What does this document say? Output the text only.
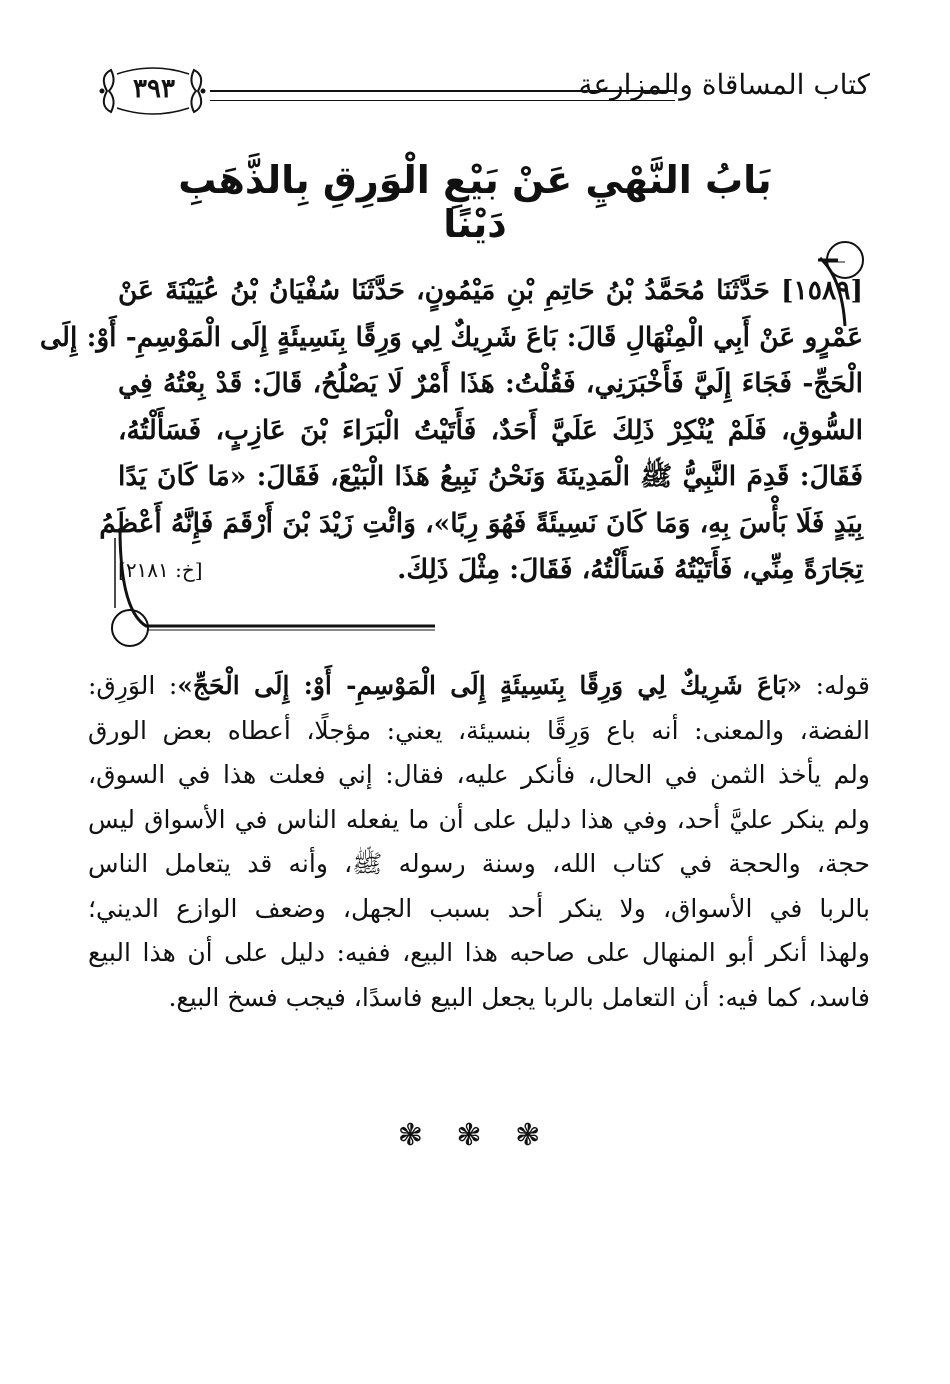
كتاب المساقاة والمزارعة
٣٩٣
بَابُ النَّهْيِ عَنْ بَيْعِ الْوَرِقِ بِالذَّهَبِ دَيْنًا
[١٥٨٩] حَدَّثَنَا مُحَمَّدُ بْنُ حَاتِمِ بْنِ مَيْمُونٍ، حَدَّثَنَا سُفْيَانُ بْنُ عُيَيْنَةَ عَنْ
عَمْرٍو عَنْ أَبِي الْمِنْهَالِ قَالَ: بَاعَ شَرِيكٌ لِي وَرِقًا بِنَسِيئَةٍ إِلَى الْمَوْسِمِ- أَوْ: إِلَى
الْحَجِّ- فَجَاءَ إِلَيَّ فَأَخْبَرَنِي، فَقُلْتُ: هَذَا أَمْرٌ لَا يَصْلُحُ، قَالَ: قَدْ بِعْتُهُ فِي
السُّوقِ، فَلَمْ يُنْكِرْ ذَلِكَ عَلَيَّ أَحَدٌ، فَأَتَيْتُ الْبَرَاءَ بْنَ عَازِبٍ، فَسَأَلْتُهُ،
فَقَالَ: قَدِمَ النَّبِيُّ ﷺ الْمَدِينَةَ وَنَحْنُ نَبِيعُ هَذَا الْبَيْعَ، فَقَالَ: «مَا كَانَ يَدًا
بِيَدٍ فَلَا بَأْسَ بِهِ، وَمَا كَانَ نَسِيئَةً فَهُوَ رِبًا»، وَائْتِ زَيْدَ بْنَ أَرْقَمَ فَإِنَّهُ أَعْظَمُ
تِجَارَةً مِنِّي، فَأَتَيْتُهُ فَسَأَلْتُهُ، فَقَالَ: مِثْلَ ذَلِكَ.
[خ: ٢١٨١]
قوله: «بَاعَ شَرِيكٌ لِي وَرِقًا بِنَسِيئَةٍ إِلَى الْمَوْسِمِ- أَوْ: إِلَى الْحَجِّ»: الوَرِق:
الفضة، والمعنى: أنه باع وَرِقًا بنسيئة، يعني: مؤجلًا، أعطاه بعض الورق
ولم يأخذ الثمن في الحال، فأنكر عليه، فقال: إني فعلت هذا في السوق،
ولم ينكر عليَّ أحد، وفي هذا دليل على أن ما يفعله الناس في الأسواق ليس
حجة، والحجة في كتاب الله، وسنة رسوله ﷺ، وأنه قد يتعامل الناس
بالربا في الأسواق، ولا ينكر أحد بسبب الجهل، وضعف الوازع الديني؛
ولهذا أنكر أبو المنهال على صاحبه هذا البيع، ففيه: دليل على أن هذا البيع
فاسد، كما فيه: أن التعامل بالربا يجعل البيع فاسدًا، فيجب فسخ البيع.
❃ ❃ ❃
